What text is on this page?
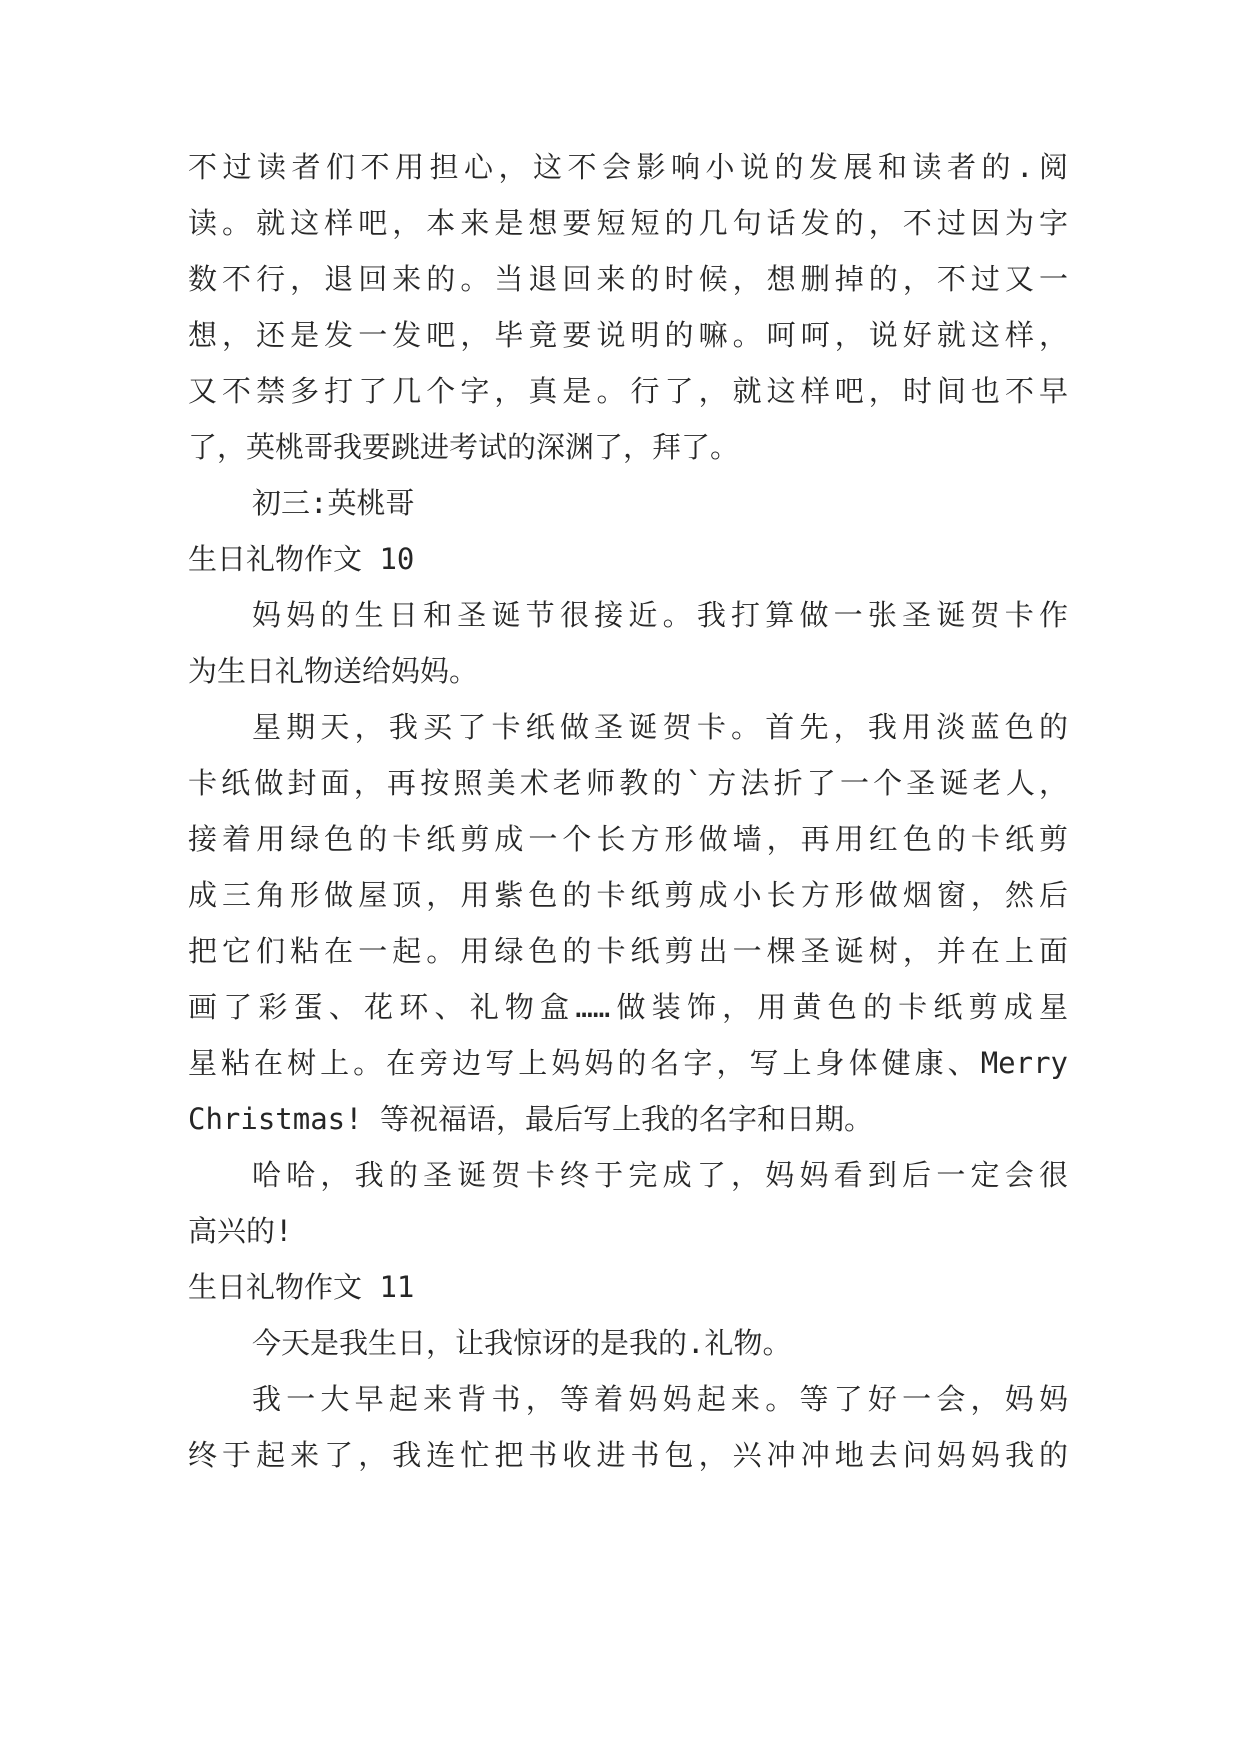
不过读者们不用担心，这不会影响小说的发展和读者的.阅
读。就这样吧，本来是想要短短的几句话发的，不过因为字
数不行，退回来的。当退回来的时候，想删掉的，不过又一
想，还是发一发吧，毕竟要说明的嘛。呵呵，说好就这样，
又不禁多打了几个字，真是。行了，就这样吧，时间也不早
了，英桃哥我要跳进考试的深渊了，拜了。
初三:英桃哥
生日礼物作文 10
妈妈的生日和圣诞节很接近。我打算做一张圣诞贺卡作
为生日礼物送给妈妈。
星期天，我买了卡纸做圣诞贺卡。首先，我用淡蓝色的
卡纸做封面，再按照美术老师教的`方法折了一个圣诞老人，
接着用绿色的卡纸剪成一个长方形做墙，再用红色的卡纸剪
成三角形做屋顶，用紫色的卡纸剪成小长方形做烟窗，然后
把它们粘在一起。用绿色的卡纸剪出一棵圣诞树，并在上面
画了彩蛋、花环、礼物盒……做装饰，用黄色的卡纸剪成星
星粘在树上。在旁边写上妈妈的名字，写上身体健康、Merry
Christmas! 等祝福语，最后写上我的名字和日期。
哈哈，我的圣诞贺卡终于完成了，妈妈看到后一定会很
高兴的!
生日礼物作文 11
今天是我生日，让我惊讶的是我的.礼物。
我一大早起来背书，等着妈妈起来。等了好一会，妈妈
终于起来了，我连忙把书收进书包，兴冲冲地去问妈妈我的
